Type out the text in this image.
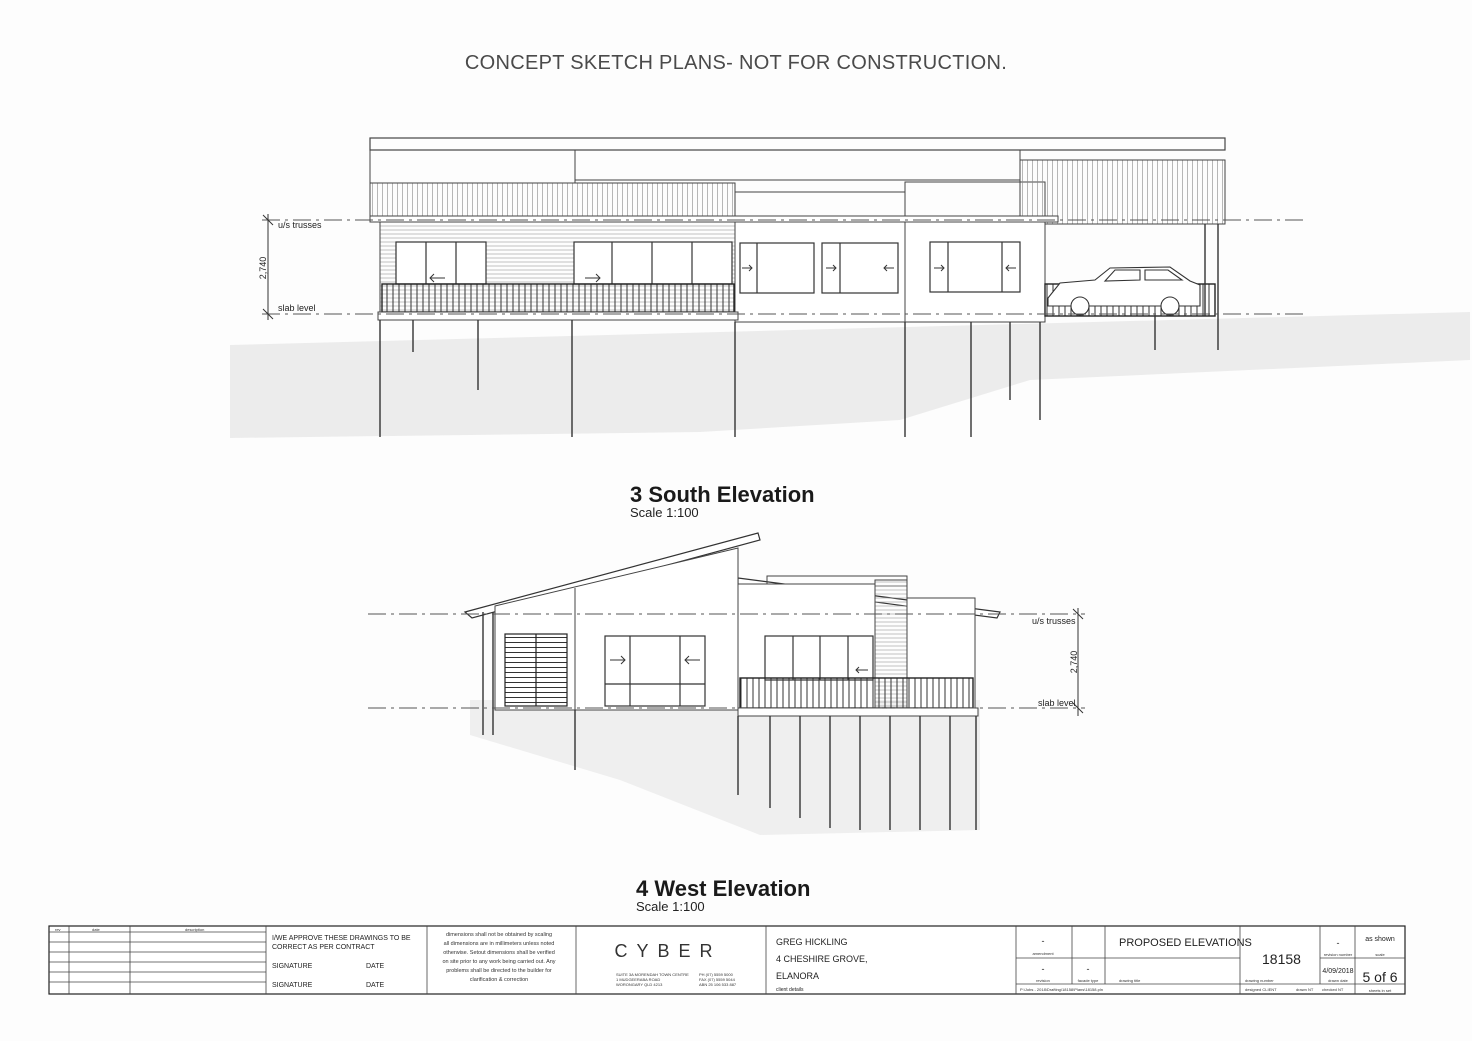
CONCEPT SKETCH PLANS- NOT FOR CONSTRUCTION.
u/s trusses
slab level
2,740
3 South Elevation
Scale 1:100
u/s trusses
slab level
2,740
4 West Elevation
Scale 1:100
rev	date	description
I/WE APPROVE THESE DRAWINGS TO BE
CORRECT AS PER CONTRACT
SIGNATURE	DATE
SIGNATURE	DATE
dimensions shall not be obtained by scaling
all dimensions are in millimeters unless noted
otherwise. Setout dimensions shall be verified
on site prior to any work being carried out. Any
problems shall be directed to the builder for
clarification & correction
CYBER
SUITE 3A MORENDAH TOWN CENTRE
1 MUDGEERABA ROAD
WORONGARY QLD 4213
PH (07) 5559 5000
FAX (07) 5559 5044
ABN 25 106 533 887
GREG HICKLING
4 CHESHIRE GROVE,
ELANORA
client details
-
amendment
-
revision
-
facade type
PROPOSED ELEVATIONS
drawing title
18158
drawing number
-
revision number
4/09/2018
drawn date
as shown
scale
5 of 6
sheets in set
P:\Jobs - 2018\Drafting\18158\Plans\18158.pln	designed CLIENT	drawn NT checked NT
